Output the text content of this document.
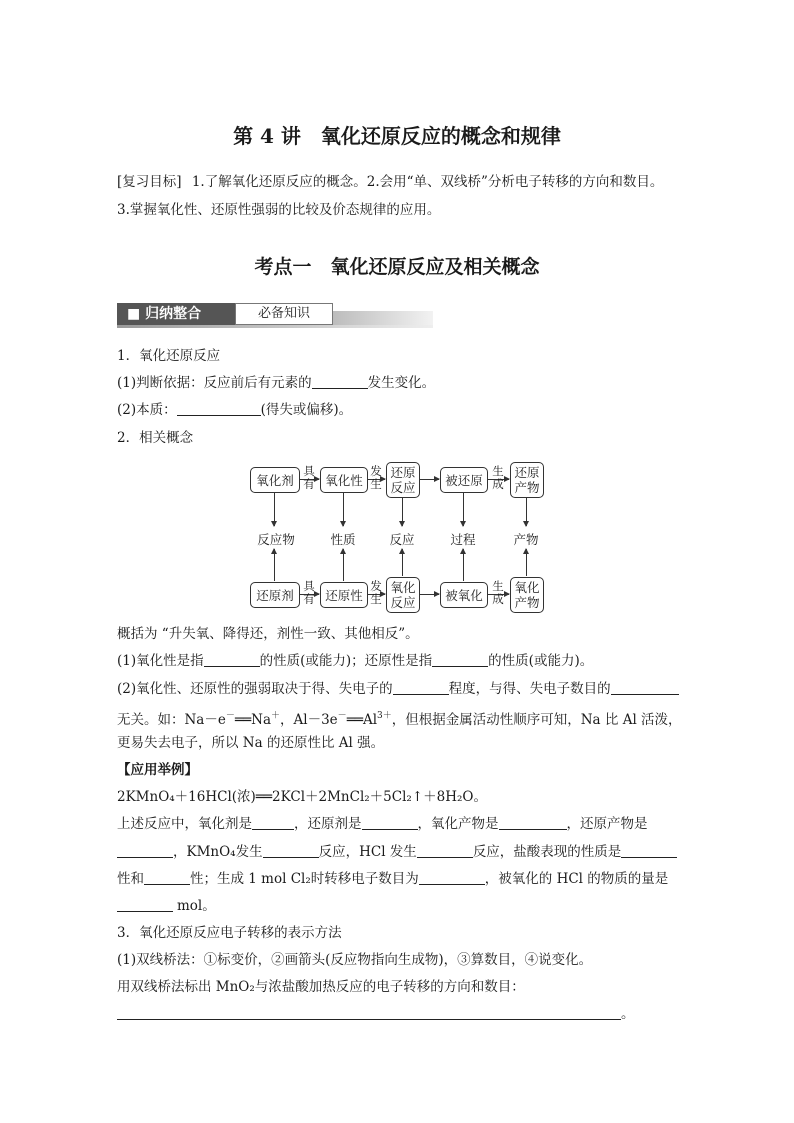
第 4 讲　氧化还原反应的概念和规律
[复习目标] 1.了解氧化还原反应的概念。2.会用“单、双线桥”分析电子转移的方向和数目。
3.掌握氧化性、还原性强弱的比较及价态规律的应用。
考点一　氧化还原反应及相关概念
■ 归纳整合	必备知识
1．氧化还原反应
(1)判断依据：反应前后有元素的	发生变化。
(2)本质：	(得失或偏移)。
2．相关概念
氧化剂	氧化性	还原反应	被还原	还原产物
还原剂	还原性	氧化反应	被氧化	氧化产物
具有
发生
生成
具有
发生
生成
反应物	性质	反应	过程	产物
概括为 “升失氧、降得还，剂性一致、其他相反”。
(1)氧化性是指	的性质(或能力)；还原性是指	的性质(或能力)。
(2)氧化性、还原性的强弱取决于得、失电子的	程度，与得、失电子数目的
无关。如：Na－e－══Na＋，$Al-3e^-══Al^{3+}$，但根据金属活动性顺序可知，Na 比 Al 活泼，
更易失去电子，所以 Na 的还原性比 Al 强。
【应用举例】
2KMnO₄＋16HCl(浓)══2KCl＋2MnCl₂＋5Cl₂↑＋8H₂O。
上述反应中，氧化剂是	，还原剂是	，氧化产物是	，还原产物是
，KMnO₄发生	反应，HCl 发生	反应，盐酸表现的性质是
性和	性；生成 1 mol Cl₂时转移电子数目为	，被氧化的 HCl 的物质的量是
mol。
3．氧化还原反应电子转移的表示方法
(1)双线桥法：①标变价，②画箭头(反应物指向生成物)，③算数目，④说变化。
用双线桥法标出 MnO₂与浓盐酸加热反应的电子转移的方向和数目：
。
